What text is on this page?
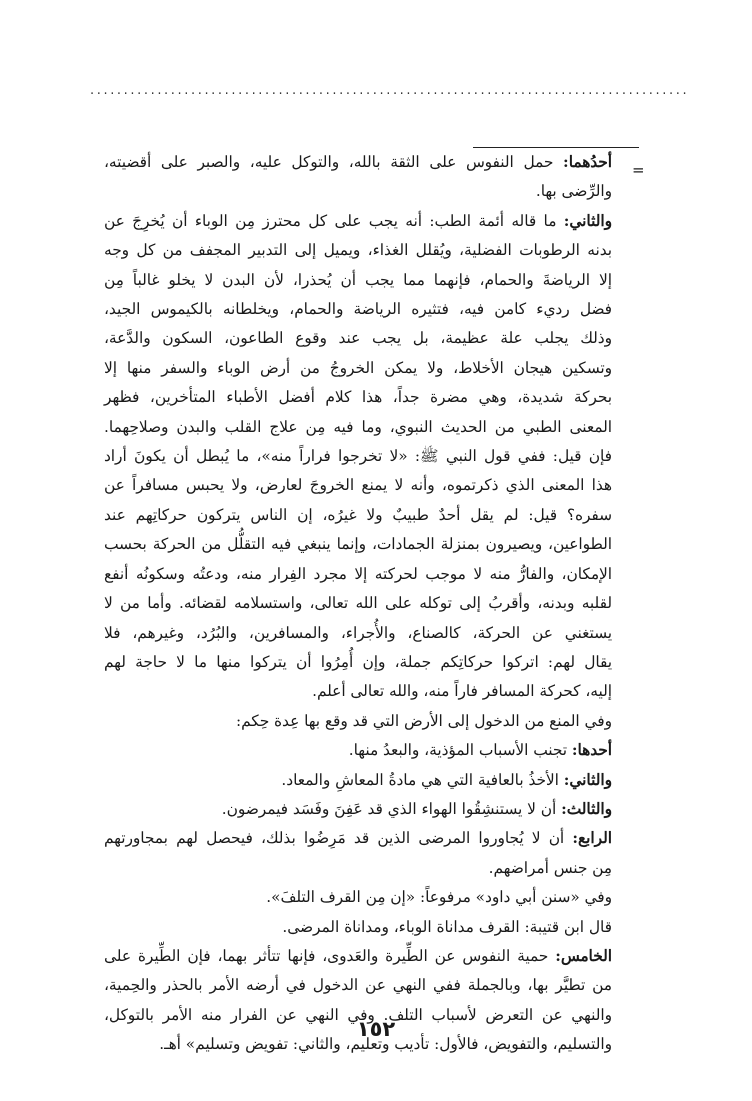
.........................................................................................
=
أحدُهما: حمل النفوس على الثقة بالله، والتوكل عليه، والصبر على أقضيته،
والرِّضى بها.
والثاني: ما قاله أئمة الطب: أنه يجب على كل محترز مِن الوباء أن يُخرِجَ عن
بدنه الرطوبات الفضلية، ويُقلل الغذاء، ويميل إلى التدبير المجفف من كل وجه
إلا الرياضةَ والحمام، فإنهما مما يجب أن يُحذرا، لأن البدن لا يخلو غالباً مِن
فضل رديء كامن فيه، فتثيره الرياضة والحمام، ويخلطانه بالكيموس الجيد،
وذلك يجلب علة عظيمة، بل يجب عند وقوع الطاعون، السكون والدَّعة،
وتسكين هيجان الأخلاط، ولا يمكن الخروجُ من أرض الوباء والسفر منها إلا
بحركة شديدة، وهي مضرة جداً، هذا كلام أفضل الأطباء المتأخرين، فظهر
المعنى الطبي من الحديث النبوي، وما فيه مِن علاج القلب والبدن وصلاحِهما.
فإن قيل: ففي قول النبي ﷺ: «لا تخرجوا فراراً منه»، ما يُبطل أن يكونَ أراد
هذا المعنى الذي ذكرتموه، وأنه لا يمنع الخروجَ لعارض، ولا يحبس مسافراً عن
سفره؟ قيل: لم يقل أحدٌ طبيبٌ ولا غيرُه، إن الناس يتركون حركاتِهم عند
الطواعين، ويصيرون بمنزلة الجمادات، وإنما ينبغي فيه التقلُّل من الحركة بحسب
الإمكان، والفارُّ منه لا موجب لحركته إلا مجرد الفِرار منه، ودعتُه وسكونُه أنفع
لقلبه وبدنه، وأقربُ إلى توكله على الله تعالى، واستسلامه لقضائه. وأما من لا
يستغني عن الحركة، كالصناع، والأُجراء، والمسافرين، والبُرُد، وغيرهم، فلا
يقال لهم: اتركوا حركاتِكم جملة، وإن أُمِرُوا أن يتركوا منها ما لا حاجة لهم
إليه، كحركة المسافر فاراً منه، والله تعالى أعلم.
وفي المنع من الدخول إلى الأرض التي قد وقع بها عِدة حِكم:
أحدها: تجنب الأسباب المؤذية، والبعدُ منها.
والثاني: الأخذُ بالعافية التي هي مادةُ المعاشِ والمعاد.
والثالث: أن لا يستنشِقُوا الهواء الذي قد عَفِنَ وفَسَد فيمرضون.
الرابع: أن لا يُجاوروا المرضى الذين قد مَرِضُوا بذلك، فيحصل لهم بمجاورتهم
مِن جنس أمراضهم.
وفي «سنن أبي داود» مرفوعاً: «إن مِن القرف التلفَ».
قال ابن قتيبة: القرف مداناة الوباء، ومداناة المرضى.
الخامس: حمية النفوس عن الطِّيرة والعَدوى، فإنها تتأثر بهما، فإن الطِّيرة على
من تطيَّر بها، وبالجملة ففي النهي عن الدخول في أرضه الأمر بالحذر والحِمية،
والنهي عن التعرض لأسباب التلف. وفي النهي عن الفرار منه الأمر بالتوكل،
والتسليم، والتفويض، فالأول: تأديب وتعليم، والثاني: تفويض وتسليم» أهـ.
١٥٢
